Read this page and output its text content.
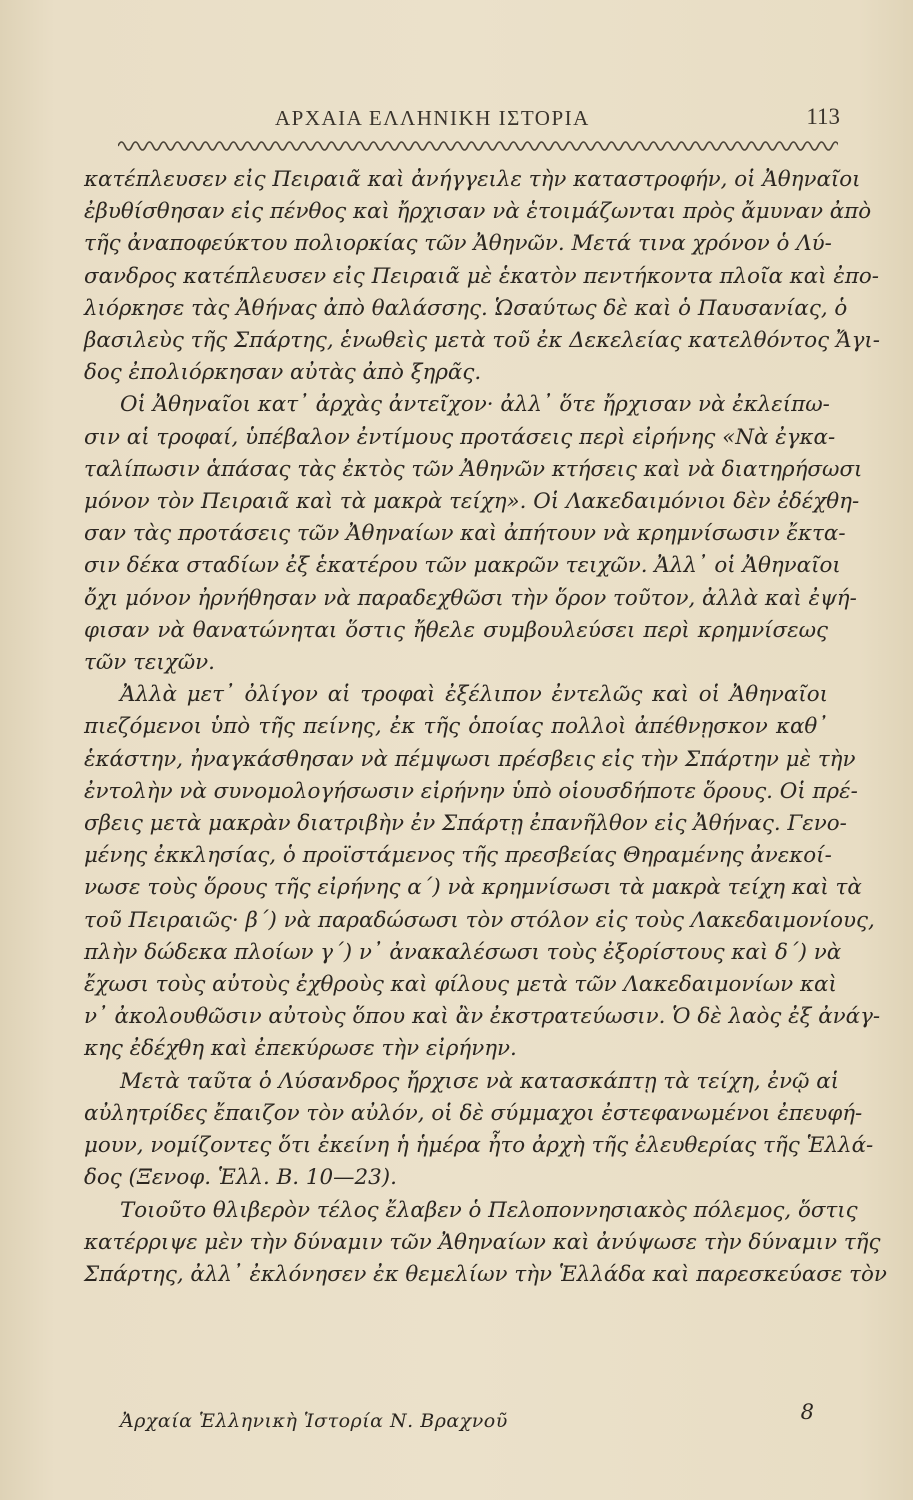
ΑΡΧΑΙΑ ΕΛΛΗΝΙΚΗ ΙΣΤΟΡΙΑ	113
κατέπλευσεν εἰς Πειραιᾶ καὶ ἀνήγγειλε τὴν καταστροφήν, οἱ Ἀθηναῖοι
ἐβυθίσθησαν εἰς πένθος καὶ ἤρχισαν νὰ ἑτοιμάζωνται πρὸς ἄμυναν ἀπὸ
τῆς ἀναποφεύκτου πολιορκίας τῶν Ἀθηνῶν. Μετά τινα χρόνον ὁ Λύ-
σανδρος κατέπλευσεν εἰς Πειραιᾶ μὲ ἑκατὸν πεντήκοντα πλοῖα καὶ ἐπο-
λιόρκησε τὰς Ἀθήνας ἀπὸ θαλάσσης. Ὡσαύτως δὲ καὶ ὁ Παυσανίας, ὁ
βασιλεὺς τῆς Σπάρτης, ἑνωθεὶς μετὰ τοῦ ἐκ Δεκελείας κατελθόντος Ἄγι-
δος ἐπολιόρκησαν αὐτὰς ἀπὸ ξηρᾶς.
Οἱ Ἀθηναῖοι κατ᾿ ἀρχὰς ἀντεῖχον· ἀλλ᾿ ὅτε ἤρχισαν νὰ ἐκλείπω-
σιν αἱ τροφαί, ὑπέβαλον ἐντίμους προτάσεις περὶ εἰρήνης «Νὰ ἐγκα-
ταλίπωσιν ἁπάσας τὰς ἐκτὸς τῶν Ἀθηνῶν κτήσεις καὶ νὰ διατηρήσωσι
μόνον τὸν Πειραιᾶ καὶ τὰ μακρὰ τείχη». Οἱ Λακεδαιμόνιοι δὲν ἐδέχθη-
σαν τὰς προτάσεις τῶν Ἀθηναίων καὶ ἀπήτουν νὰ κρημνίσωσιν ἔκτα-
σιν δέκα σταδίων ἐξ ἑκατέρου τῶν μακρῶν τειχῶν. Ἀλλ᾿ οἱ Ἀθηναῖοι
ὄχι μόνον ἠρνήθησαν νὰ παραδεχθῶσι τὴν ὅρον τοῦτον, ἀλλὰ καὶ ἐψή-
φισαν νὰ θανατώνηται ὅστις ἤθελε συμβουλεύσει περὶ κρημνίσεως
τῶν τειχῶν.
Ἀλλὰ μετ᾿ ὀλίγον αἱ τροφαὶ ἐξέλιπον ἐντελῶς καὶ οἱ Ἀθηναῖοι
πιεζόμενοι ὑπὸ τῆς πείνης, ἐκ τῆς ὁποίας πολλοὶ ἀπέθνῃσκον καθ᾿
ἑκάστην, ἠναγκάσθησαν νὰ πέμψωσι πρέσβεις εἰς τὴν Σπάρτην μὲ τὴν
ἐντολὴν νὰ συνομολογήσωσιν εἰρήνην ὑπὸ οἱουσδήποτε ὅρους. Οἱ πρέ-
σβεις μετὰ μακρὰν διατριβὴν ἐν Σπάρτῃ ἐπανῆλθον εἰς Ἀθήνας. Γενο-
μένης ἐκκλησίας, ὁ προϊστάμενος τῆς πρεσβείας Θηραμένης ἀνεκοί-
νωσε τοὺς ὅρους τῆς εἰρήνης α΄) νὰ κρημνίσωσι τὰ μακρὰ τείχη καὶ τὰ
τοῦ Πειραιῶς· β΄) νὰ παραδώσωσι τὸν στόλον εἰς τοὺς Λακεδαιμονίους,
πλὴν δώδεκα πλοίων γ΄) ν᾿ ἀνακαλέσωσι τοὺς ἐξορίστους καὶ δ΄) νὰ
ἔχωσι τοὺς αὐτοὺς ἐχθροὺς καὶ φίλους μετὰ τῶν Λακεδαιμονίων καὶ
ν᾿ ἀκολουθῶσιν αὐτοὺς ὅπου καὶ ἂν ἐκστρατεύωσιν. Ὁ δὲ λαὸς ἐξ ἀνάγ-
κης ἐδέχθη καὶ ἐπεκύρωσε τὴν εἰρήνην.
Μετὰ ταῦτα ὁ Λύσανδρος ἤρχισε νὰ κατασκάπτῃ τὰ τείχη, ἐνῷ αἱ
αὐλητρίδες ἔπαιζον τὸν αὐλόν, οἱ δὲ σύμμαχοι ἐστεφανωμένοι ἐπευφή-
μουν, νομίζοντες ὅτι ἐκείνη ἡ ἡμέρα ἦτο ἀρχὴ τῆς ἐλευθερίας τῆς Ἑλλά-
δος (Ξενοφ. Ἑλλ. Β. 10—23).
Τοιοῦτο θλιβερὸν τέλος ἔλαβεν ὁ Πελοποννησιακὸς πόλεμος, ὅστις
κατέρριψε μὲν τὴν δύναμιν τῶν Ἀθηναίων καὶ ἀνύψωσε τὴν δύναμιν τῆς
Σπάρτης, ἀλλ᾿ ἐκλόνησεν ἐκ θεμελίων τὴν Ἑλλάδα καὶ παρεσκεύασε τὸν
Ἀρχαία Ἑλληνικὴ Ἱστορία Ν. Βραχνοῦ	8
